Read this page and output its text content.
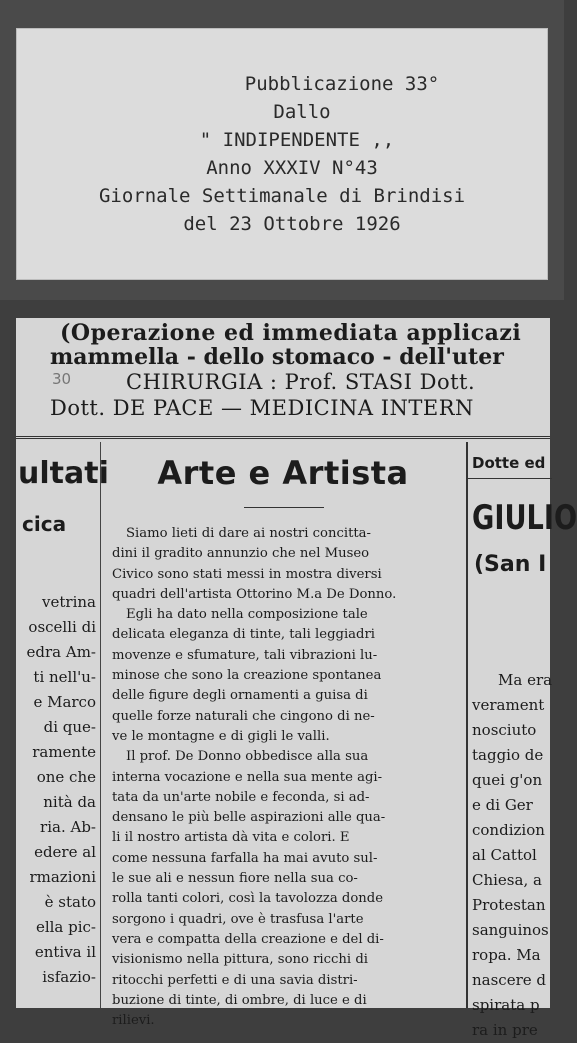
Pubblicazione 33°
Dallo
" INDIPENDENTE ,,
Anno XXXIV N°43
Giornale Settimanale di Brindisi
del 23 Ottobre 1926
(Operazione ed immediata applicazi
mammella - dello stomaco - dell'uter
30	CHIRURGIA : Prof. STASI Dott.
Dott. DE PACE — MEDICINA INTERN
ultati
cica
vetrina
oscelli di
edra Am-
ti nell'u-
e Marco
di que-
ramente
one che
nità da
ria. Ab-
edere al
rmazioni
è stato
ella pic-
entiva il
isfazio-
Arte e Artista
Siamo lieti di dare ai nostri concitta-
dini il gradito annunzio che nel Museo
Civico sono stati messi in mostra diversi
quadri dell'artista Ottorino M.a De Donno.
Egli ha dato nella composizione tale
delicata eleganza di tinte, tali leggiadri
movenze e sfumature, tali vibrazioni lu-
minose che sono la creazione spontanea
delle figure degli ornamenti a guisa di
quelle forze naturali che cingono di ne-
ve le montagne e di gigli le valli.
Il prof. De Donno obbedisce alla sua
interna vocazione e nella sua mente agi-
tata da un'arte nobile e feconda, si ad-
densano le più belle aspirazioni alle qua-
li il nostro artista dà vita e colori. E
come nessuna farfalla ha mai avuto sul-
le sue ali e nessun fiore nella sua co-
rolla tanti colori, così la tavolozza donde
sorgono i quadri, ove è trasfusa l'arte
vera e compatta della creazione e del di-
visionismo nella pittura, sono ricchi di
ritocchi perfetti e di una savia distri-
buzione di tinte, di ombre, di luce e di
rilievi.
Dotte ed
GIULIO
(San I
Ma era
verament
nosciuto
taggio de
quei g'on
e di Ger
condizion
al Cattol
Chiesa, a
Protestan
sanguinos
ropa. Ma
nascere d
spirata p
ra in pre
